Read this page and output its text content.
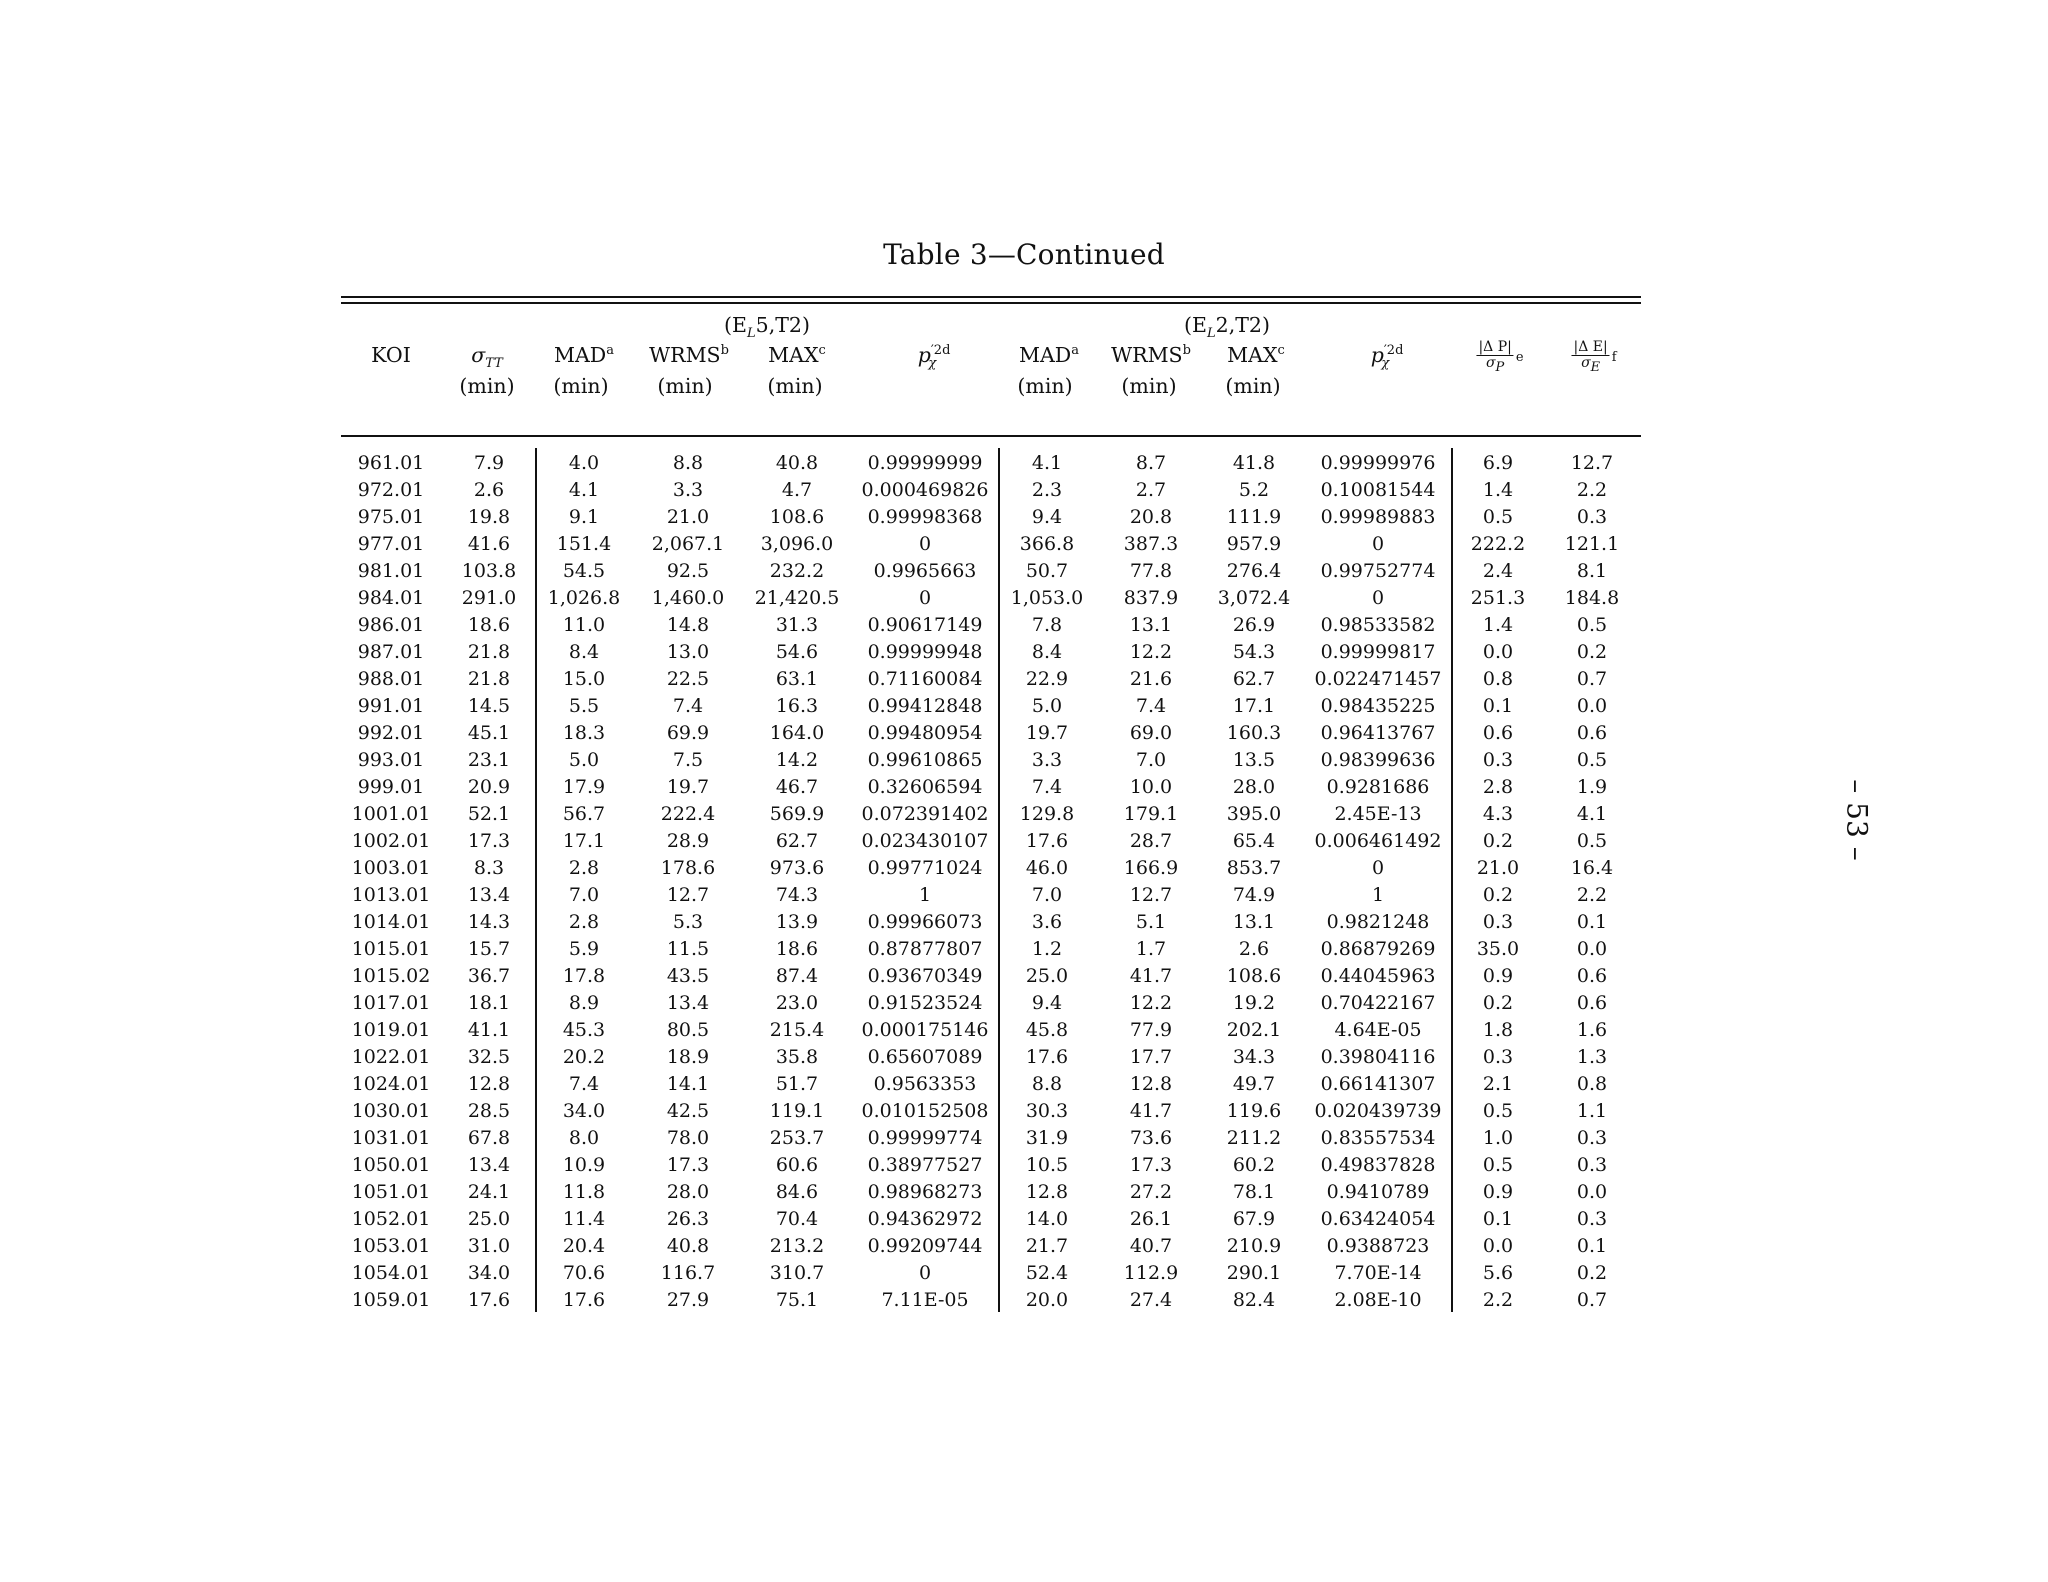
Table 3—Continued
$(E_L5,T2)$	$(E_L2,T2)$
KOI	$\sigma_{TT}$ MAD$^a$ WRMS$^b$ MAX$^c$	$p^{'2d}_\chi$	MAD$^a$ WRMS$^b$ MAX$^c$	$p^{'2d}_\chi$	$\frac{\text{|Δ P|}}{\sigma P}$ e	$\frac{\text{|Δ E|}}{\sigma E}$ f
(min) (min) (min)	(min)	(min) (min) (min)
961.01	7.9	4.0	8.8	40.8	0.99999999	4.1	8.7	41.8 0.99999976 6.9	12.7
972.01	2.6	4.1	3.3	4.7	0.000469826 2.3	2.7	5.2	0.10081544 1.4	2.2
975.01 19.8	9.1	21.0	108.6 0.99998368	9.4	20.8	111.9 0.99989883 0.5	0.3
977.01 41.6 151.4 2,067.1 3,096.0	0	366.8	387.3	957.9	0	222.2 121.1
981.01 103.8 54.5	92.5	232.2	0.9965663	50.7	77.8	276.4 0.99752774 2.4	8.1
984.01 291.0 1,026.8 1,460.0 21,420.5	0	1,053.0 837.9 3,072.4	0	251.3 184.8
986.01 18.6	11.0	14.8	31.3	0.90617149	7.8	13.1	26.9 0.98533582 1.4	0.5
987.01 21.8	8.4	13.0	54.6	0.99999948	8.4	12.2	54.3 0.99999817 0.0	0.2
988.01 21.8	15.0	22.5	63.1	0.71160084 22.9	21.6	62.7 0.022471457 0.8	0.7
991.01 14.5	5.5	7.4	16.3	0.99412848	5.0	7.4	17.1 0.98435225 0.1	0.0
992.01 45.1	18.3	69.9	164.0 0.99480954 19.7	69.0	160.3 0.96413767 0.6	0.6
993.01 23.1	5.0	7.5	14.2	0.99610865	3.3	7.0	13.5 0.98399636 0.3	0.5
999.01 20.9	17.9	19.7	46.7	0.32606594	7.4	10.0	28.0	0.9281686	2.8	1.9
1001.01 52.1	56.7	222.4	569.9 0.072391402 129.8	179.1	395.0	2.45E-13	4.3	4.1
1002.01 17.3	17.1	28.9	62.7 0.023430107 17.6	28.7	65.4 0.006461492 0.2	0.5
1003.01 8.3	2.8	178.6	973.6 0.99771024 46.0	166.9	853.7	0	21.0	16.4
1013.01 13.4	7.0	12.7	74.3	1	7.0	12.7	74.9	1	0.2	2.2
1014.01 14.3	2.8	5.3	13.9	0.99966073	3.6	5.1	13.1	0.9821248	0.3	0.1
1015.01 15.7	5.9	11.5	18.6	0.87877807	1.2	1.7	2.6	0.86879269 35.0	0.0
1015.02 36.7	17.8	43.5	87.4	0.93670349 25.0	41.7	108.6 0.44045963 0.9	0.6
1017.01 18.1	8.9	13.4	23.0	0.91523524	9.4	12.2	19.2 0.70422167 0.2	0.6
1019.01 41.1	45.3	80.5	215.4 0.000175146 45.8	77.9	202.1	4.64E-05	1.8	1.6
1022.01 32.5	20.2	18.9	35.8	0.65607089 17.6	17.7	34.3 0.39804116 0.3	1.3
1024.01 12.8	7.4	14.1	51.7	0.9563353	8.8	12.8	49.7 0.66141307 2.1	0.8
1030.01 28.5	34.0	42.5	119.1 0.010152508 30.3	41.7	119.6 0.020439739 0.5	1.1
1031.01 67.8	8.0	78.0	253.7 0.99999774 31.9	73.6	211.2 0.83557534 1.0	0.3
1050.01 13.4	10.9	17.3	60.6	0.38977527 10.5	17.3	60.2 0.49837828 0.5	0.3
1051.01 24.1	11.8	28.0	84.6	0.98968273 12.8	27.2	78.1	0.9410789	0.9	0.0
1052.01 25.0	11.4	26.3	70.4	0.94362972 14.0	26.1	67.9 0.63424054 0.1	0.3
1053.01 31.0	20.4	40.8	213.2 0.99209744 21.7	40.7	210.9 0.9388723	0.0	0.1
1054.01 34.0	70.6	116.7	310.7	0	52.4	112.9	290.1	7.70E-14	5.6	0.2
1059.01 17.6	17.6	27.9	75.1	7.11E-05	20.0	27.4	82.4	2.08E-10	2.2	0.7
– 53 –
